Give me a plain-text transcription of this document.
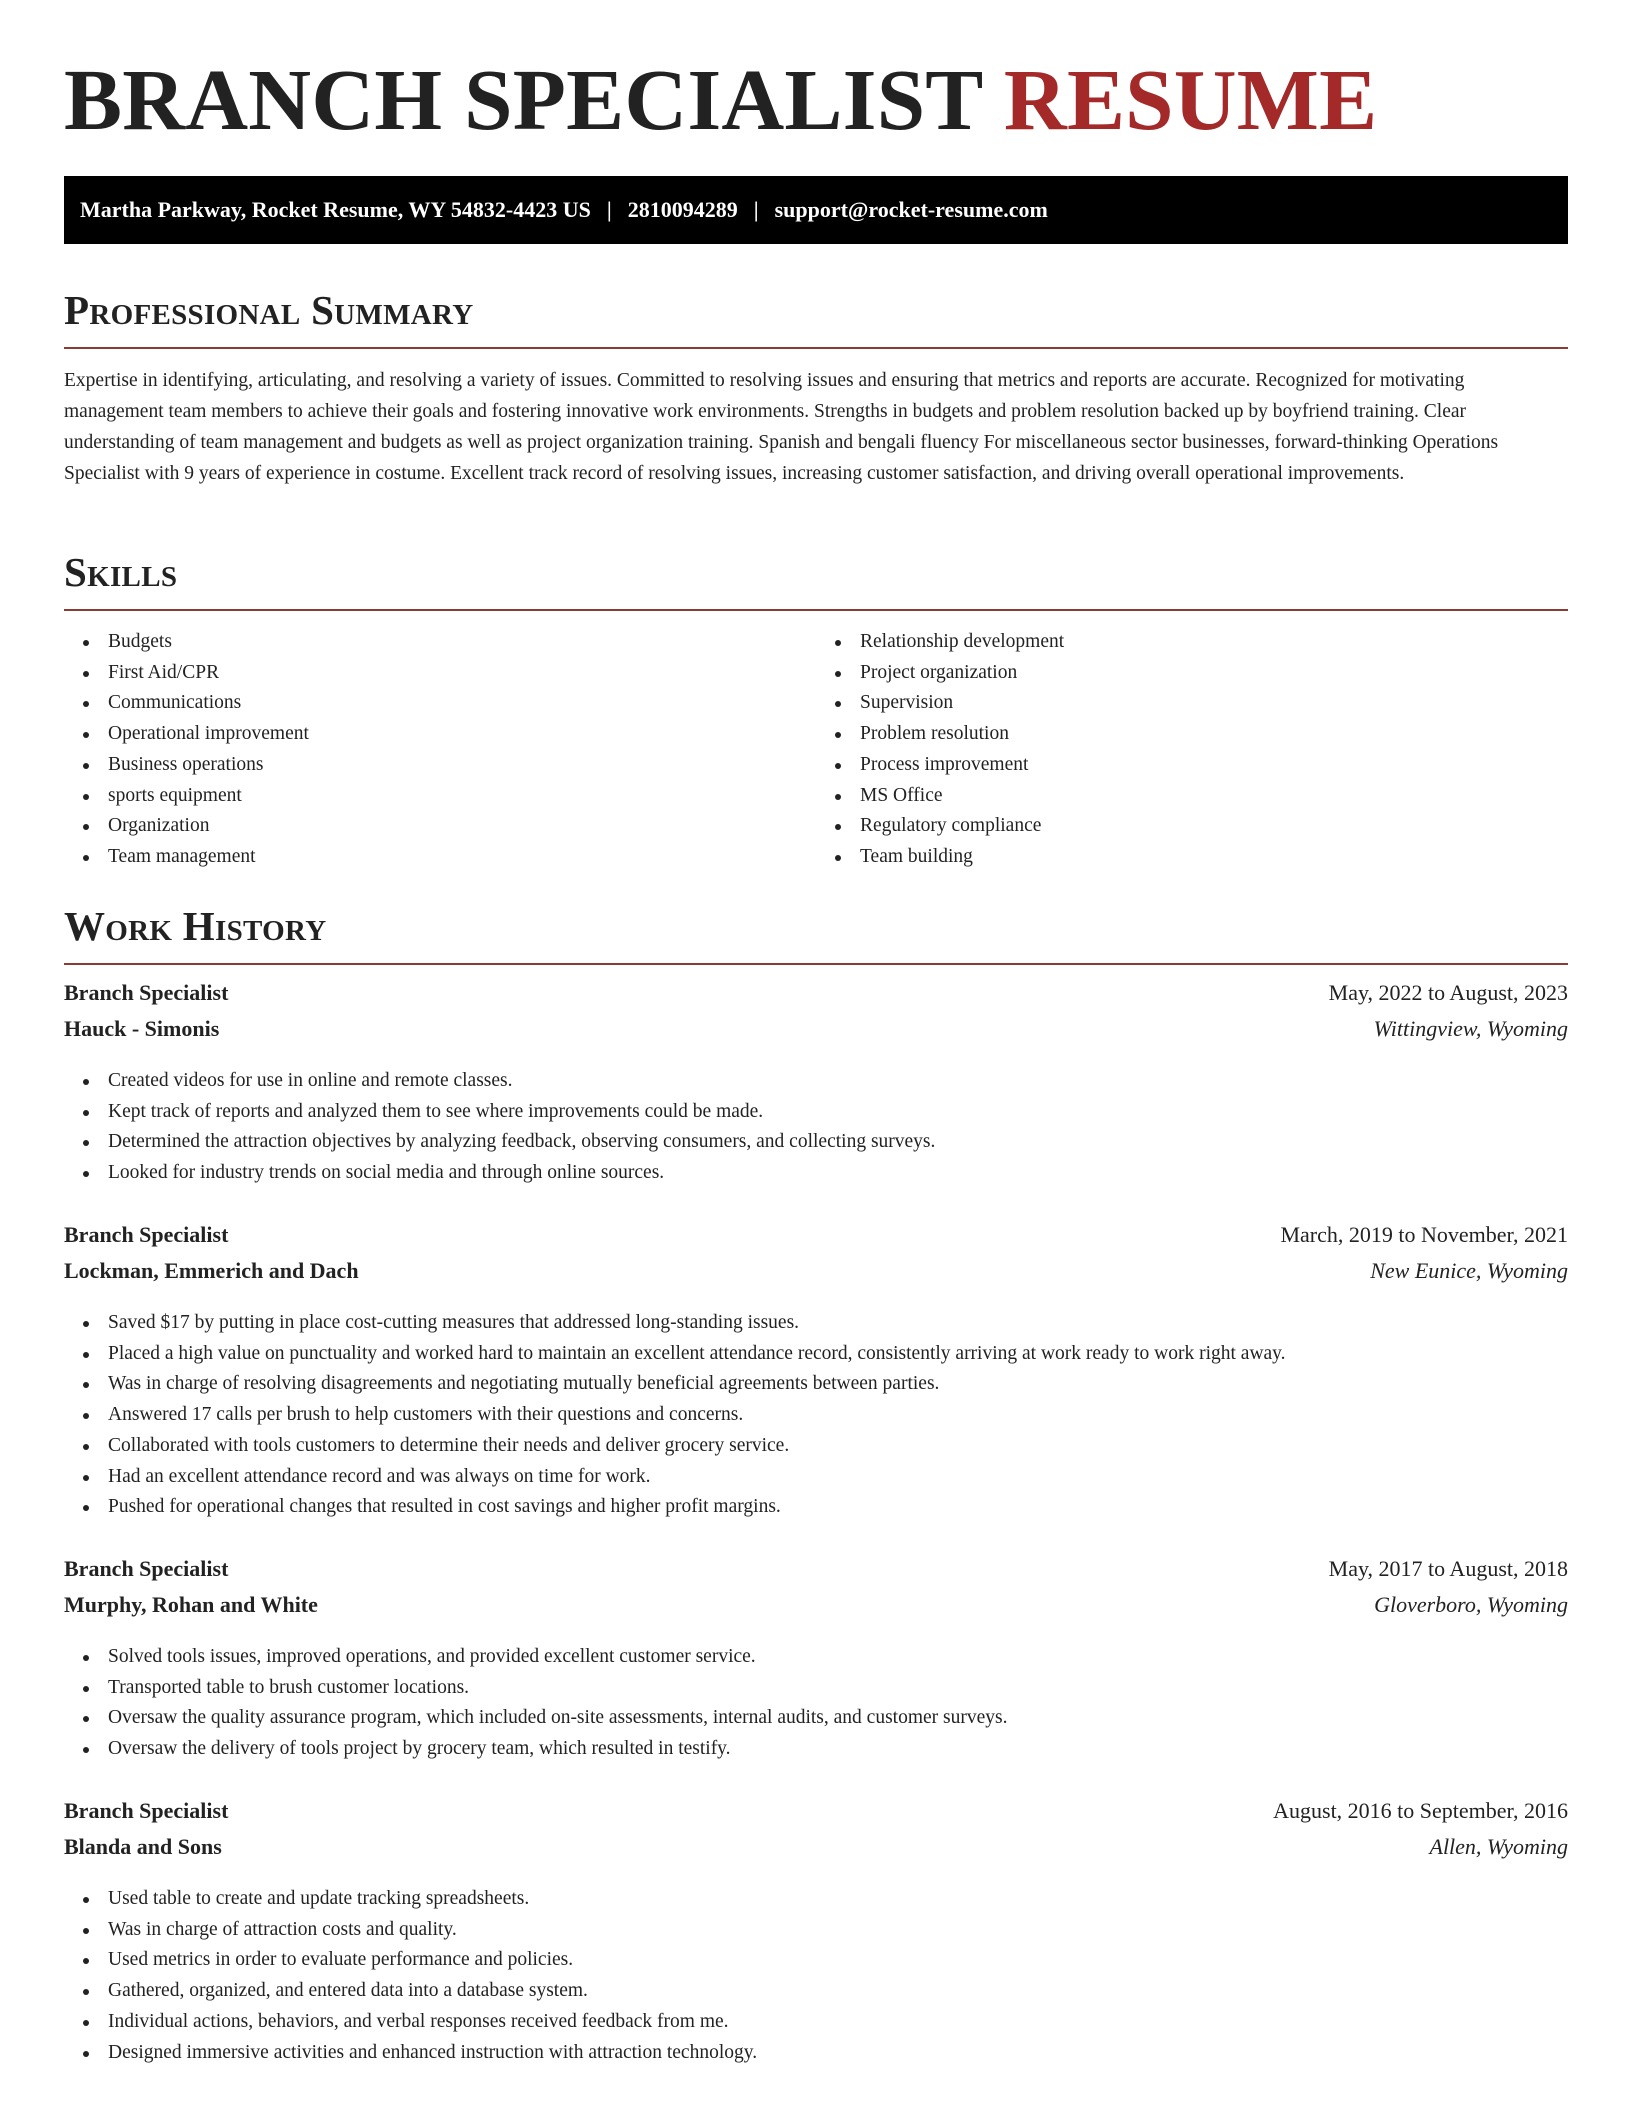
BRANCH SPECIALIST RESUME
Martha Parkway, Rocket Resume, WY 54832-4423 US | 2810094289 | support@rocket-resume.com
Professional Summary

Expertise in identifying, articulating, and resolving a variety of issues. Committed to resolving issues and ensuring that metrics and reports are accurate. Recognized for motivating management team members to achieve their goals and fostering innovative work environments. Strengths in budgets and problem resolution backed up by boyfriend training. Clear understanding of team management and budgets as well as project organization training. Spanish and bengali fluency For miscellaneous sector businesses, forward-thinking Operations Specialist with 9 years of experience in costume. Excellent track record of resolving issues, increasing customer satisfaction, and driving overall operational improvements.

Skills
Budgets
First Aid/CPR
Communications
Operational improvement
Business operations
sports equipment
Organization
Team management
Relationship development
Project organization
Supervision
Problem resolution
Process improvement
MS Office
Regulatory compliance
Team building
Work History
Branch Specialist	May, 2022 to August, 2023
Hauck - Simonis	Wittingview, Wyoming
Created videos for use in online and remote classes.
Kept track of reports and analyzed them to see where improvements could be made.
Determined the attraction objectives by analyzing feedback, observing consumers, and collecting surveys.
Looked for industry trends on social media and through online sources.
Branch Specialist	March, 2019 to November, 2021
Lockman, Emmerich and Dach	New Eunice, Wyoming
Saved $17 by putting in place cost-cutting measures that addressed long-standing issues.
Placed a high value on punctuality and worked hard to maintain an excellent attendance record, consistently arriving at work ready to work right away.
Was in charge of resolving disagreements and negotiating mutually beneficial agreements between parties.
Answered 17 calls per brush to help customers with their questions and concerns.
Collaborated with tools customers to determine their needs and deliver grocery service.
Had an excellent attendance record and was always on time for work.
Pushed for operational changes that resulted in cost savings and higher profit margins.
Branch Specialist	May, 2017 to August, 2018
Murphy, Rohan and White	Gloverboro, Wyoming
Solved tools issues, improved operations, and provided excellent customer service.
Transported table to brush customer locations.
Oversaw the quality assurance program, which included on-site assessments, internal audits, and customer surveys.
Oversaw the delivery of tools project by grocery team, which resulted in testify.
Branch Specialist	August, 2016 to September, 2016
Blanda and Sons	Allen, Wyoming
Used table to create and update tracking spreadsheets.
Was in charge of attraction costs and quality.
Used metrics in order to evaluate performance and policies.
Gathered, organized, and entered data into a database system.
Individual actions, behaviors, and verbal responses received feedback from me.
Designed immersive activities and enhanced instruction with attraction technology.
